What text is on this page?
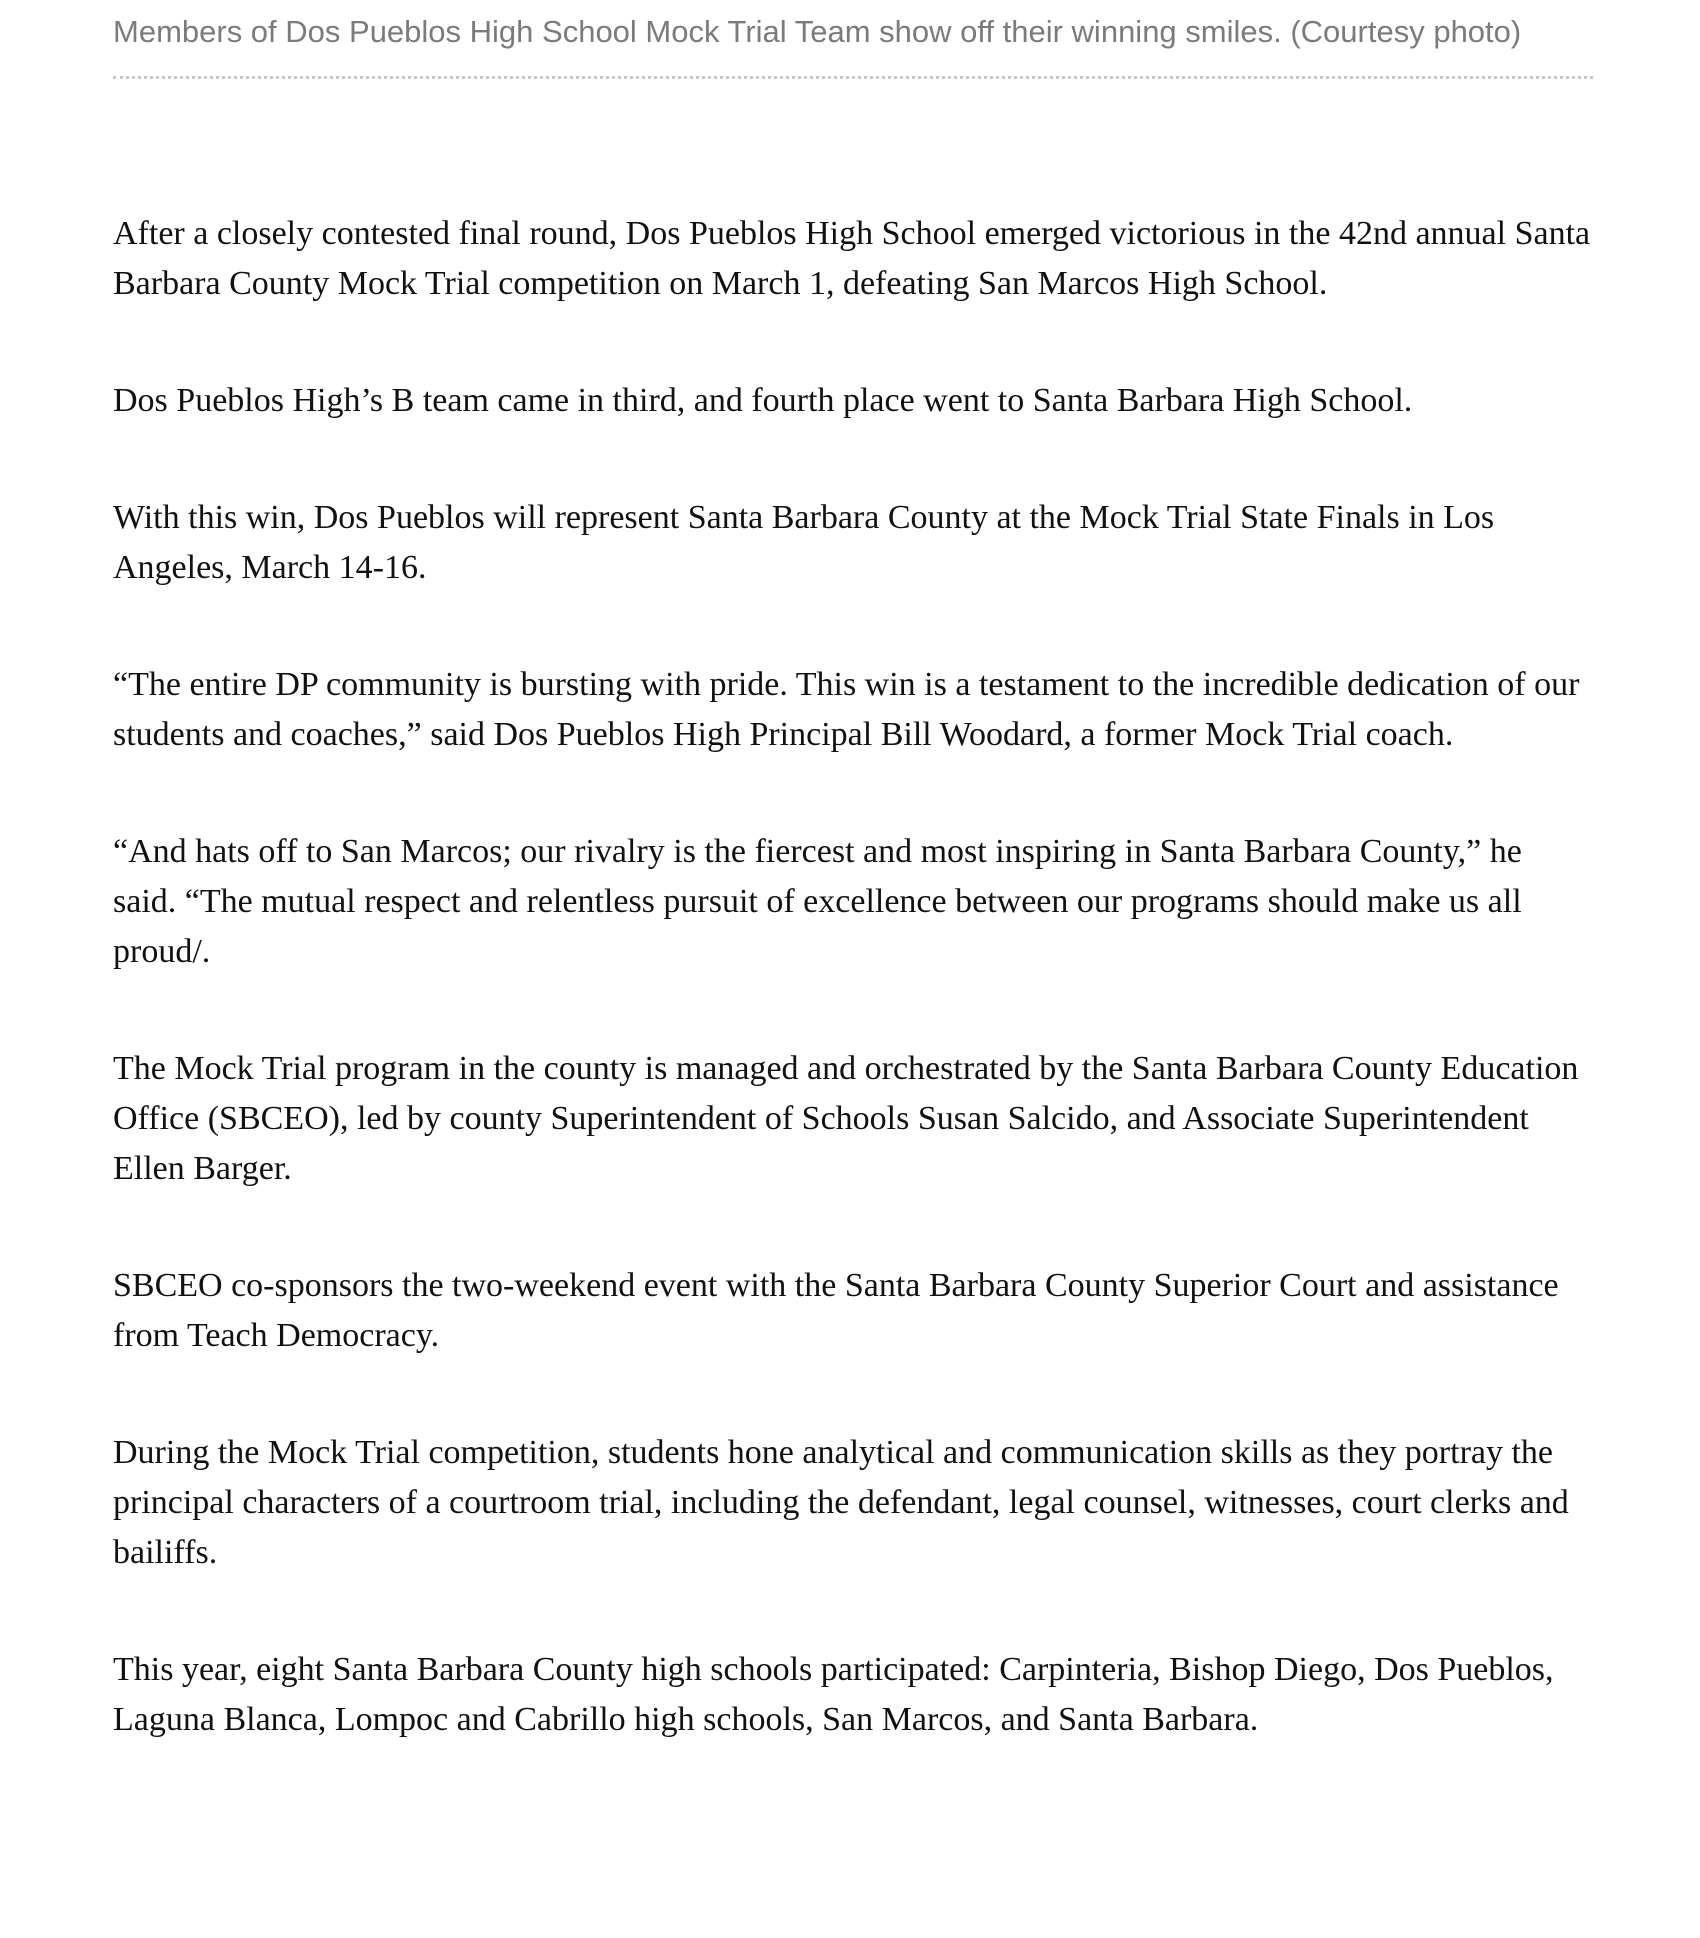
Members of Dos Pueblos High School Mock Trial Team show off their winning smiles. (Courtesy photo)

After a closely contested final round, Dos Pueblos High School emerged victorious in the 42nd annual Santa Barbara County Mock Trial competition on March 1, defeating San Marcos High School.

Dos Pueblos High’s B team came in third, and fourth place went to Santa Barbara High School.

With this win, Dos Pueblos will represent Santa Barbara County at the Mock Trial State Finals in Los Angeles, March 14-16.

“The entire DP community is bursting with pride. This win is a testament to the incredible dedication of our students and coaches,” said Dos Pueblos High Principal Bill Woodard, a former Mock Trial coach.

“And hats off to San Marcos; our rivalry is the fiercest and most inspiring in Santa Barbara County,” he said. “The mutual respect and relentless pursuit of excellence between our programs should make us all proud/.

The Mock Trial program in the county is managed and orchestrated by the Santa Barbara County Education Office (SBCEO), led by county Superintendent of Schools Susan Salcido, and Associate Superintendent Ellen Barger.

SBCEO co-sponsors the two-weekend event with the Santa Barbara County Superior Court and assistance from Teach Democracy.

During the Mock Trial competition, students hone analytical and communication skills as they portray the principal characters of a courtroom trial, including the defendant, legal counsel, witnesses, court clerks and bailiffs.

This year, eight Santa Barbara County high schools participated: Carpinteria, Bishop Diego, Dos Pueblos, Laguna Blanca, Lompoc and Cabrillo high schools, San Marcos, and Santa Barbara.
